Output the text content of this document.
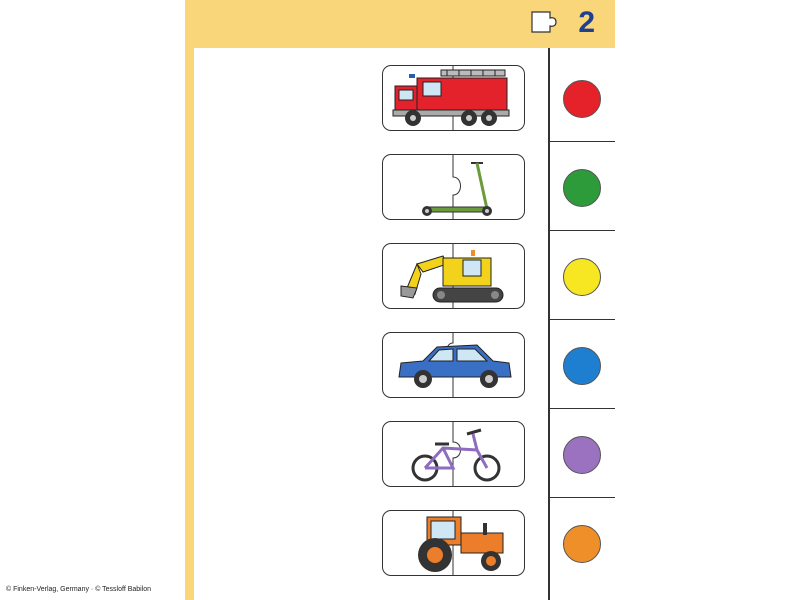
2
© Finken-Verlag, Germany · © Tessloff Babilon
